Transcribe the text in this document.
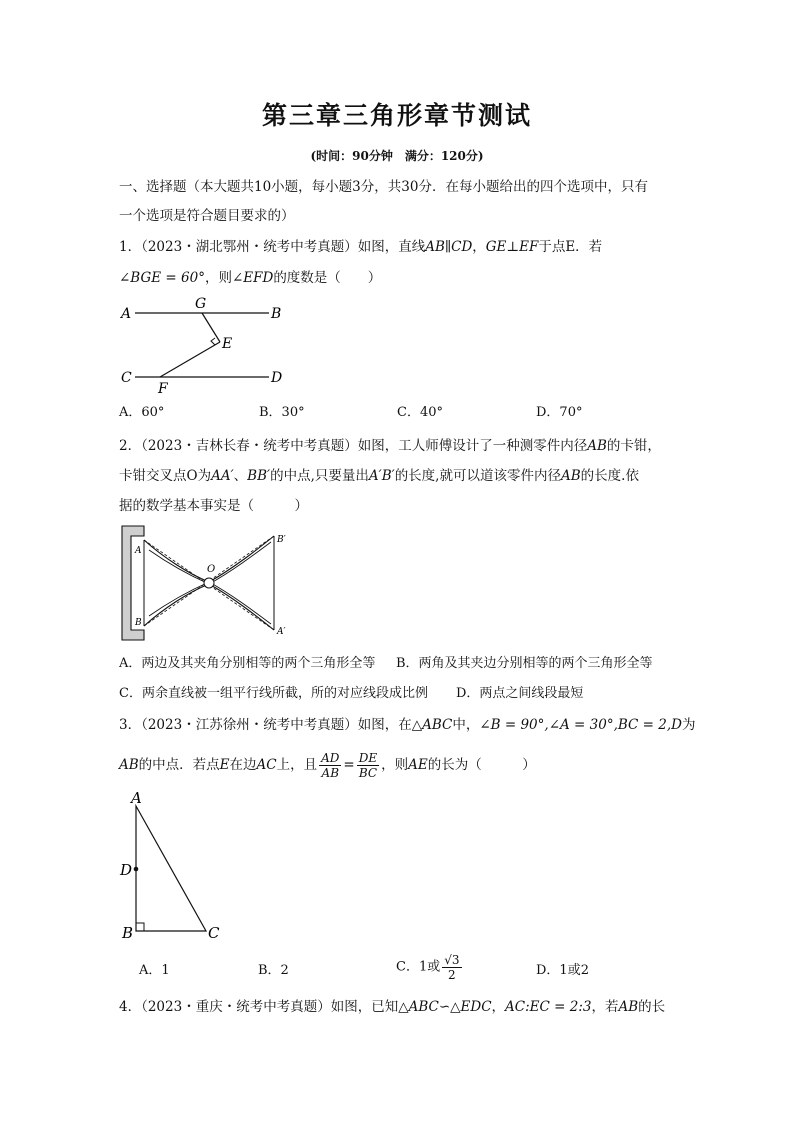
第三章三角形章节测试
(时间：90分钟　满分：120分)
一、选择题（本大题共10小题，每小题3分，共30分．在每小题给出的四个选项中，只有
一个选项是符合题目要求的）
1．（2023・湖北鄂州・统考中考真题）如图，直线AB∥CD，GE⊥EF于点E．若
∠BGE = 60°，则∠EFD的度数是（　　）
A
G
B
E
C
F
D
A．60°	B．30°	C．40°	D．70°
2．（2023・吉林长春・统考中考真题）如图，工人师傅设计了一种测零件内径AB的卡钳，
卡钳交叉点O为AA′、BB′的中点,只要量出A′B′的长度,就可以道该零件内径AB的长度.依
据的数学基本事实是（　　　）
A
B
O
B′
A′
A．两边及其夹角分别相等的两个三角形全等 B．两角及其夹边分别相等的两个三角形全等
C．两余直线被一组平行线所截，所的对应线段成比例 D．两点之间线段最短
3．（2023・江苏徐州・统考中考真题）如图，在△ABC中，∠B = 90°,∠A = 30°,BC = 2,D为
AB的中点．若点E在边AC上，且 $\frac{AD}{AB} = \frac{DE}{BC}$ ，则AE的长为（　　　）
A
D
B	C
A．1	B．2	C．1或 $\frac{√3}{2}$	D．1或2
4．（2023・重庆・统考中考真题）如图，已知△ABC∽△EDC，AC:EC = 2:3，若AB的长
